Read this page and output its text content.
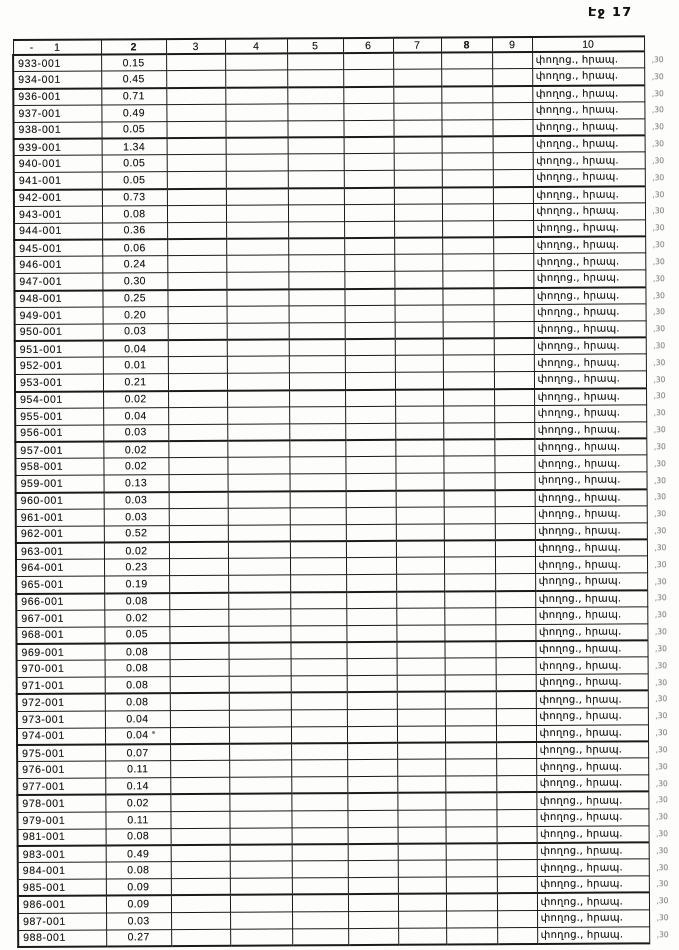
Էջ 17
1	2	3	4	5	6	7	8	9	10	
933-001	0.15								փողոց., հրապ.	,30
934-001	0.45								փողոց., հրապ.	,30
936-001	0.71								փողոց., հրապ.	,30
937-001	0.49								փողոց., հրապ.	,30
938-001	0.05								փողոց., հրապ.	,30
939-001	1.34								փողոց., հրապ.	,30
940-001	0.05								փողոց., հրապ.	,30
941-001	0.05								փողոց., հրապ.	,30
942-001	0.73								փողոց., հրապ.	,30
943-001	0.08								փողոց., հրապ.	,30
944-001	0.36								փողոց., հրապ.	,30
945-001	0.06								փողոց., հրապ.	,30
946-001	0.24								փողոց., հրապ.	,30
947-001	0.30								փողոց., հրապ.	,30
948-001	0.25								փողոց., հրապ.	,30
949-001	0.20								փողոց., հրապ.	,30
950-001	0.03								փողոց., հրապ.	,30
951-001	0.04								փողոց., հրապ.	,30
952-001	0.01								փողոց., հրապ.	,30
953-001	0.21								փողոց., հրապ.	,30
954-001	0.02								փողոց., հրապ.	,30
955-001	0.04								փողոց., հրապ.	,30
956-001	0.03								փողոց., հրապ.	,30
957-001	0.02								փողոց., հրապ.	,30
958-001	0.02								փողոց., հրապ.	,30
959-001	0.13								փողոց., հրապ.	,30
960-001	0.03								փողոց., հրապ.	,30
961-001	0.03								փողոց., հրապ.	,30
962-001	0.52								փողոց., հրապ.	,30
963-001	0.02								փողոց., հրապ.	,30
964-001	0.23								փողոց., հրապ.	,30
965-001	0.19								փողոց., հրապ.	,30
966-001	0.08								փողոց., հրապ.	,30
967-001	0.02								փողոց., հրապ.	,30
968-001	0.05								փողոց., հրապ.	,30
969-001	0.08								փողոց., հրապ.	,30
970-001	0.08								փողոց., հրապ.	,30
971-001	0.08								փողոց., հրապ.	,30
972-001	0.08								փողոց., հրապ.	,30
973-001	0.04								փողոց., հրապ.	,30
974-001	0.04								փողոց., հրապ.	,30
975-001	0.07								փողոց., հրապ.	,30
976-001	0.11								փողոց., հրապ.	,30
977-001	0.14								փողոց., հրապ.	,30
978-001	0.02								փողոց., հրապ.	,30
979-001	0.11								փողոց., հրապ.	,30
981-001	0.08								փողոց., հրապ.	,30
983-001	0.49								փողոց., հրապ.	,30
984-001	0.08								փողոց., հրապ.	,30
985-001	0.09								փողոց., հրապ.	,30
986-001	0.09								փողոց., հրապ.	,30
987-001	0.03								փողոց., հրապ.	,30
988-001	0.27								փողոց., հրապ.	,30
